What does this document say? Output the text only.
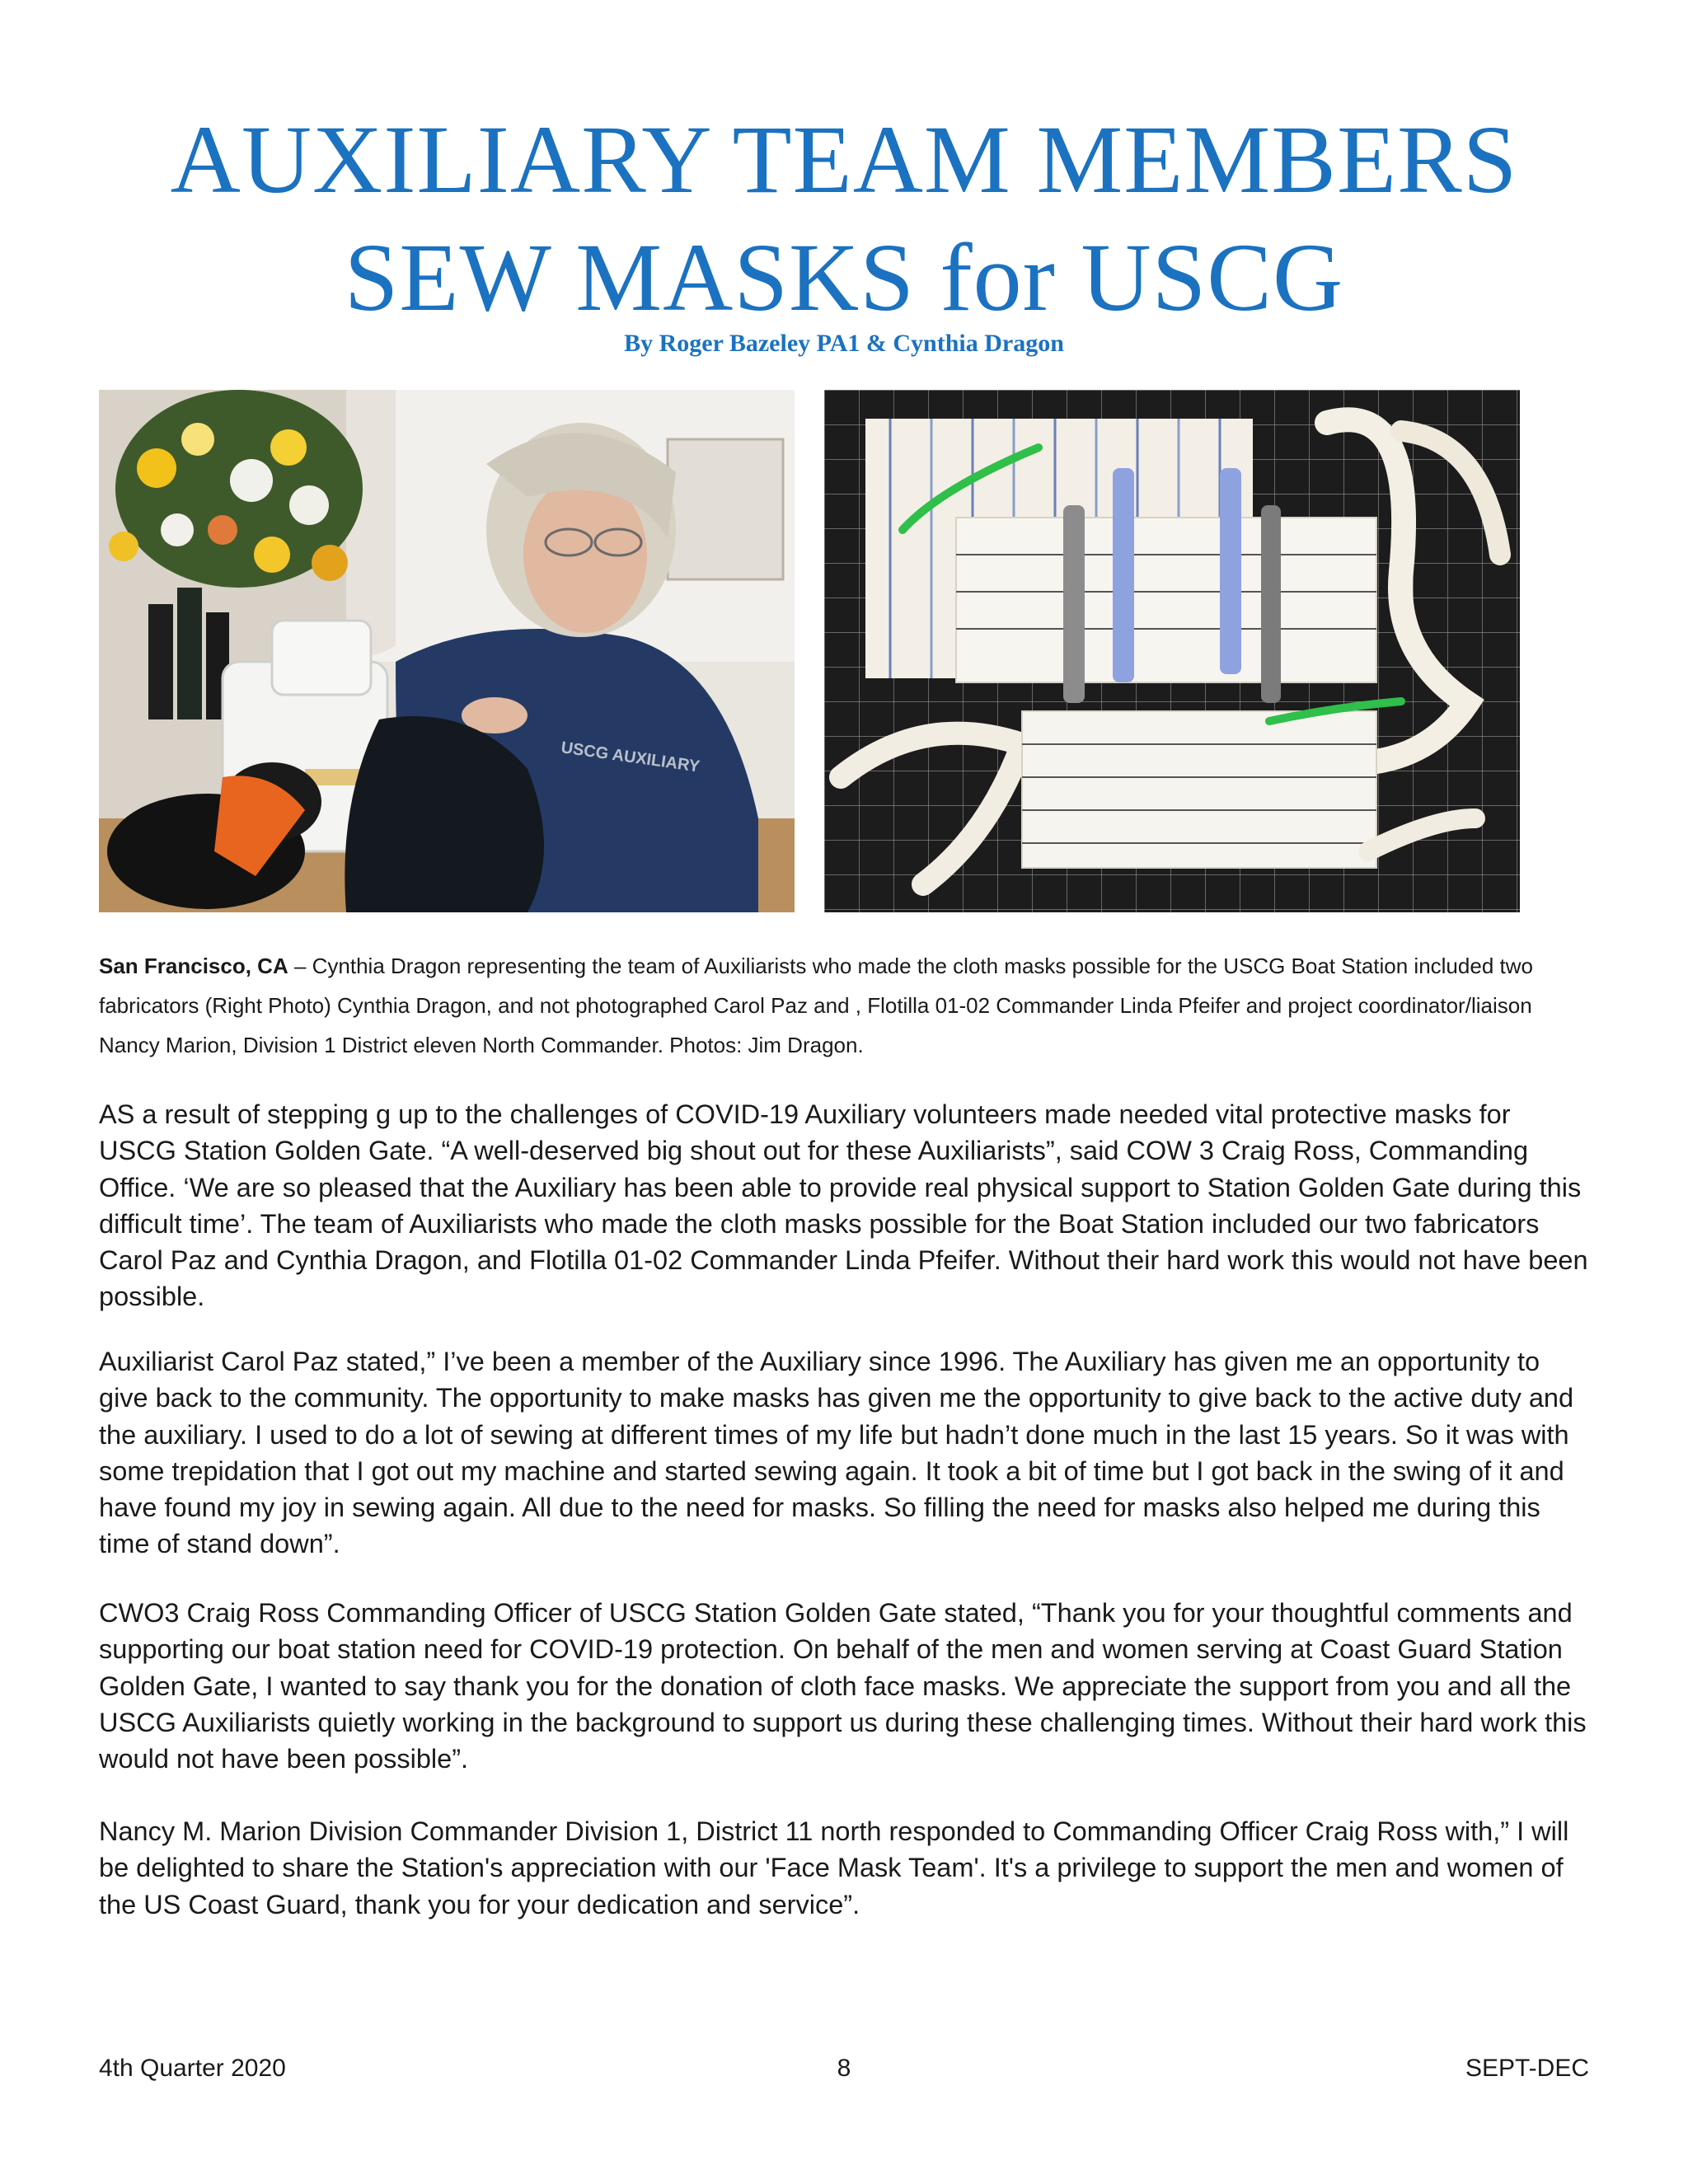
AUXILIARY TEAM MEMBERS
SEW MASKS for USCG
By Roger Bazeley PA1 & Cynthia Dragon
USCG AUXILIARY

San Francisco, CA – Cynthia Dragon representing the team of Auxiliarists who made the cloth masks possible for the USCG Boat Station included two fabricators (Right Photo) Cynthia Dragon, and not photographed Carol Paz and , Flotilla 01-02 Commander Linda Pfeifer and project coordinator/liaison Nancy Marion, Division 1 District eleven North Commander. Photos: Jim Dragon.

AS a result of stepping g up to the challenges of COVID-19 Auxiliary volunteers made needed vital protective masks for USCG Station Golden Gate. “A well-deserved big shout out for these Auxiliarists”, said COW 3 Craig Ross, Commanding Office. ‘We are so pleased that the Auxiliary has been able to provide real physical support to Station Golden Gate during this difficult time’. The team of Auxiliarists who made the cloth masks possible for the Boat Station included our two fabricators Carol Paz and Cynthia Dragon, and Flotilla 01-02 Commander Linda Pfeifer. Without their hard work this would not have been possible.

Auxiliarist Carol Paz stated,” I’ve been a member of the Auxiliary since 1996. The Auxiliary has given me an opportunity to give back to the community. The opportunity to make masks has given me the opportunity to give back to the active duty and the auxiliary. I used to do a lot of sewing at different times of my life but hadn’t done much in the last 15 years. So it was with some trepidation that I got out my machine and started sewing again. It took a bit of time but I got back in the swing of it and have found my joy in sewing again. All due to the need for masks. So filling the need for masks also helped me during this time of stand down”.

CWO3 Craig Ross Commanding Officer of USCG Station Golden Gate stated, “Thank you for your thoughtful comments and supporting our boat station need for COVID-19 protection. On behalf of the men and women serving at Coast Guard Station Golden Gate, I wanted to say thank you for the donation of cloth face masks. We appreciate the support from you and all the USCG Auxiliarists quietly working in the background to support us during these challenging times. Without their hard work this would not have been possible”.

Nancy M. Marion Division Commander Division 1, District 11 north responded to Commanding Officer Craig Ross with,” I will be delighted to share the Station's appreciation with our 'Face Mask Team'. It's a privilege to support the men and women of the US Coast Guard, thank you for your dedication and service”.

4th Quarter 2020	8	SEPT-DEC
